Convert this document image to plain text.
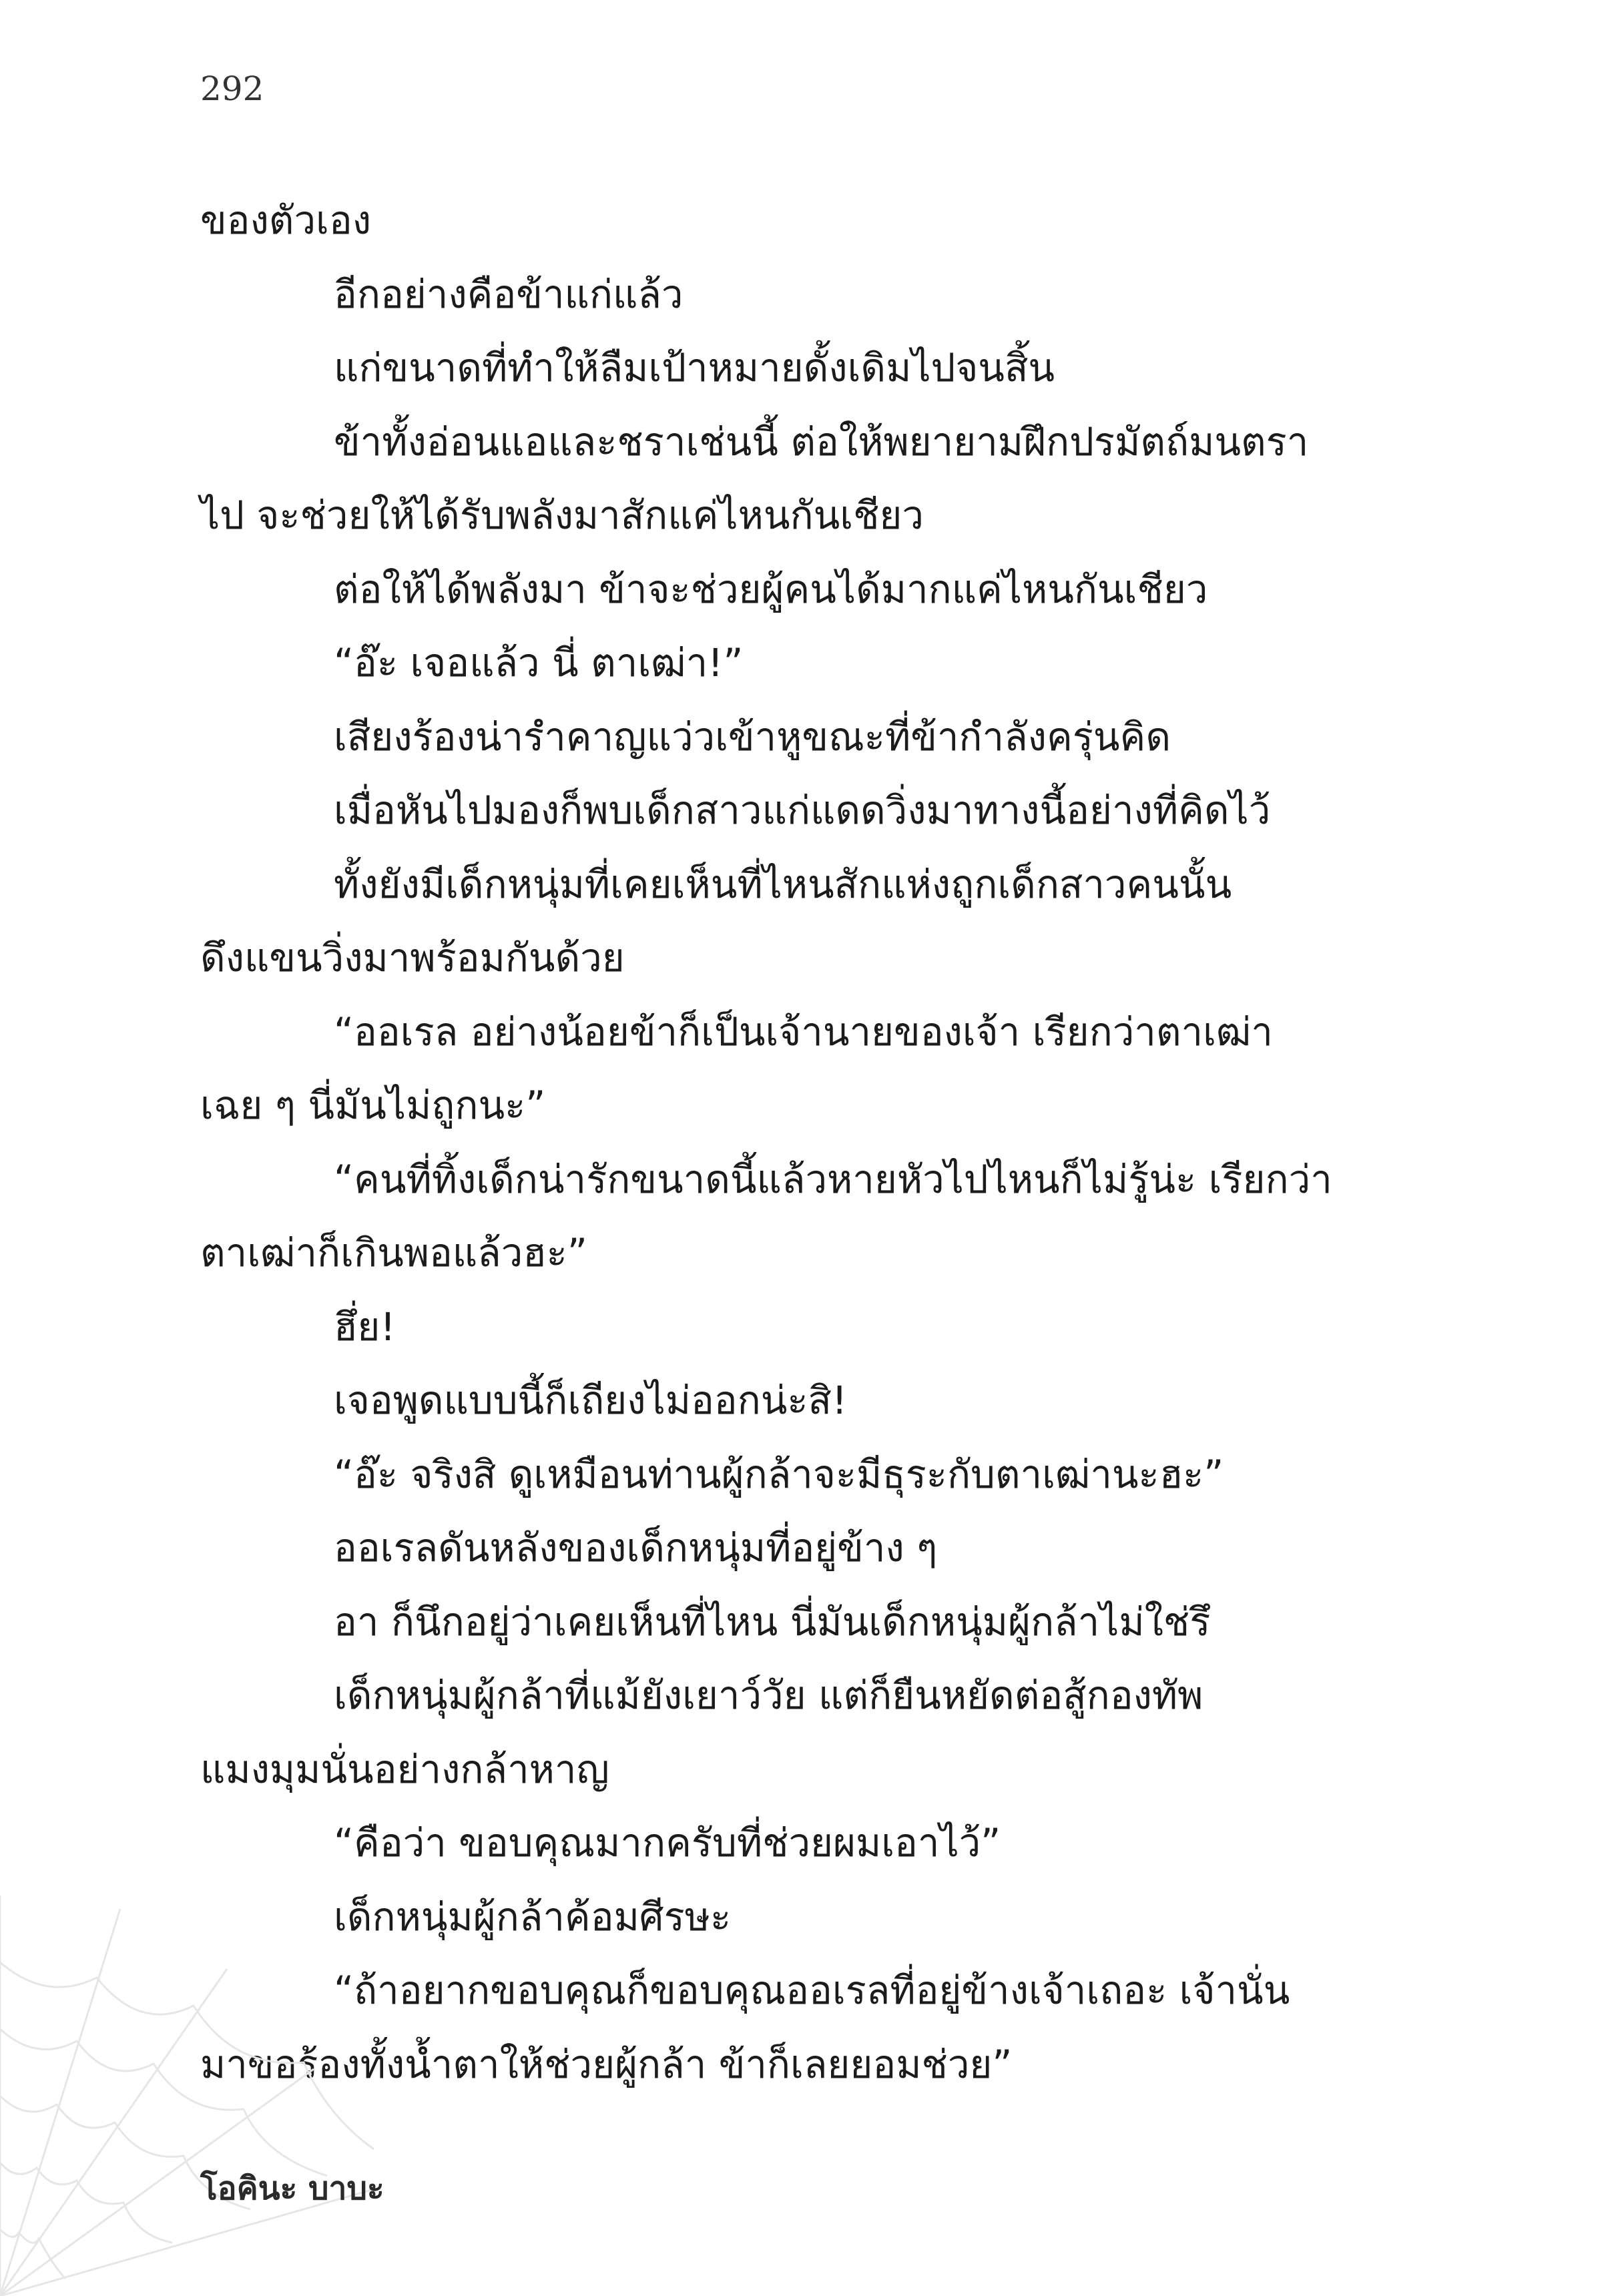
292
ของตัวเอง
อีกอย่างคือข้าแก่แล้ว
แก่ขนาดที่ทำให้ลืมเป้าหมายดั้งเดิมไปจนสิ้น
ข้าทั้งอ่อนแอและชราเช่นนี้ ต่อให้พยายามฝึกปรมัตถ์มนตรา
ไป จะช่วยให้ได้รับพลังมาสักแค่ไหนกันเชียว
ต่อให้ได้พลังมา ข้าจะช่วยผู้คนได้มากแค่ไหนกันเชียว
“อ๊ะ เจอแล้ว นี่ ตาเฒ่า!”
เสียงร้องน่ารำคาญแว่วเข้าหูขณะที่ข้ากำลังครุ่นคิด
เมื่อหันไปมองก็พบเด็กสาวแก่แดดวิ่งมาทางนี้อย่างที่คิดไว้
ทั้งยังมีเด็กหนุ่มที่เคยเห็นที่ไหนสักแห่งถูกเด็กสาวคนนั้น
ดึงแขนวิ่งมาพร้อมกันด้วย
“ออเรล อย่างน้อยข้าก็เป็นเจ้านายของเจ้า เรียกว่าตาเฒ่า
เฉย ๆ นี่มันไม่ถูกนะ”
“คนที่ทิ้งเด็กน่ารักขนาดนี้แล้วหายหัวไปไหนก็ไม่รู้น่ะ เรียกว่า
ตาเฒ่าก็เกินพอแล้วฮะ”
ฮึ่ย!
เจอพูดแบบนี้ก็เถียงไม่ออกน่ะสิ!
“อ๊ะ จริงสิ ดูเหมือนท่านผู้กล้าจะมีธุระกับตาเฒ่านะฮะ”
ออเรลดันหลังของเด็กหนุ่มที่อยู่ข้าง ๆ
อา ก็นึกอยู่ว่าเคยเห็นที่ไหน นี่มันเด็กหนุ่มผู้กล้าไม่ใช่รึ
เด็กหนุ่มผู้กล้าที่แม้ยังเยาว์วัย แต่ก็ยืนหยัดต่อสู้กองทัพ
แมงมุมนั่นอย่างกล้าหาญ
“คือว่า ขอบคุณมากครับที่ช่วยผมเอาไว้”
เด็กหนุ่มผู้กล้าค้อมศีรษะ
“ถ้าอยากขอบคุณก็ขอบคุณออเรลที่อยู่ข้างเจ้าเถอะ เจ้านั่น
มาขอร้องทั้งน้ำตาให้ช่วยผู้กล้า ข้าก็เลยยอมช่วย”
โอคินะ บาบะ
